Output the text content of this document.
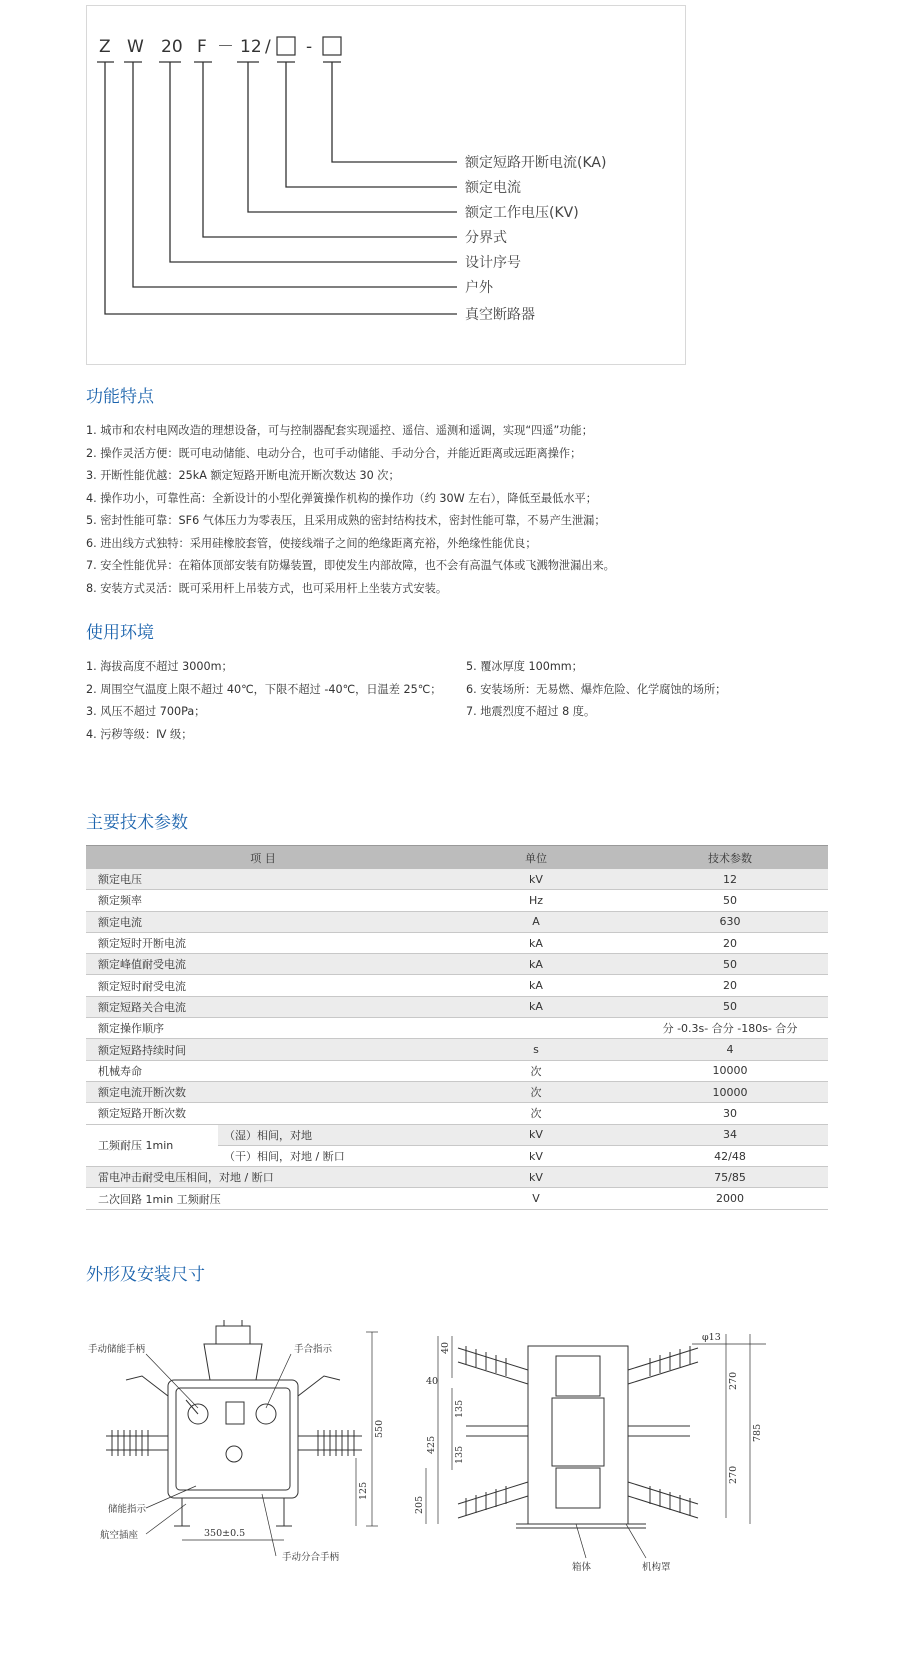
Z W 20 F － 12 / □ - □
额定短路开断电流(KA)
额定电流
额定工作电压(KV)
分界式
设计序号
户外
真空断路器
功能特点
1. 城市和农村电网改造的理想设备，可与控制器配套实现遥控、遥信、遥测和遥调，实现“四遥”功能；
2. 操作灵活方便：既可电动储能、电动分合，也可手动储能、手动分合，并能近距离或远距离操作；
3. 开断性能优越：25kA 额定短路开断电流开断次数达 30 次；
4. 操作功小，可靠性高：全新设计的小型化弹簧操作机构的操作功（约 30W 左右），降低至最低水平；
5. 密封性能可靠：SF6 气体压力为零表压，且采用成熟的密封结构技术，密封性能可靠，不易产生泄漏；
6. 进出线方式独特：采用硅橡胶套管，使接线端子之间的绝缘距离充裕，外绝缘性能优良；
7. 安全性能优异：在箱体顶部安装有防爆装置，即使发生内部故障，也不会有高温气体或飞溅物泄漏出来。
8. 安装方式灵活：既可采用杆上吊装方式，也可采用杆上坐装方式安装。
使用环境
1. 海拔高度不超过 3000m；
2. 周围空气温度上限不超过 40℃，下限不超过 -40℃，日温差 25℃；
3. 风压不超过 700Pa；
4. 污秽等级：Ⅳ 级；
5. 覆冰厚度 100mm；
6. 安装场所：无易燃、爆炸危险、化学腐蚀的场所；
7. 地震烈度不超过 8 度。
主要技术参数
项 目		单位	技术参数
额定电压		kV	12
额定频率		Hz	50
额定电流		A	630
额定短时开断电流		kA	20
额定峰值耐受电流		kA	50
额定短时耐受电流		kA	20
额定短路关合电流		kA	50
额定操作顺序			分 -0.3s- 合分 -180s- 合分
额定短路持续时间		s	4
机械寿命		次	10000
额定电流开断次数		次	10000
额定短路开断次数		次	30
工频耐压 1min	（湿）相间，对地	kV	34
	（干）相间，对地 / 断口	kV	42/48
雷电冲击耐受电压相间，对地 / 断口		kV	75/85
二次回路 1min 工频耐压		V	2000
外形及安装尺寸
手动储能手柄	手合指示
储能指示
航空插座
手动分合手柄
350±0.5
550
125
φ13
40
40
135
135
425
205
270
270
785
箱体	机构罩
